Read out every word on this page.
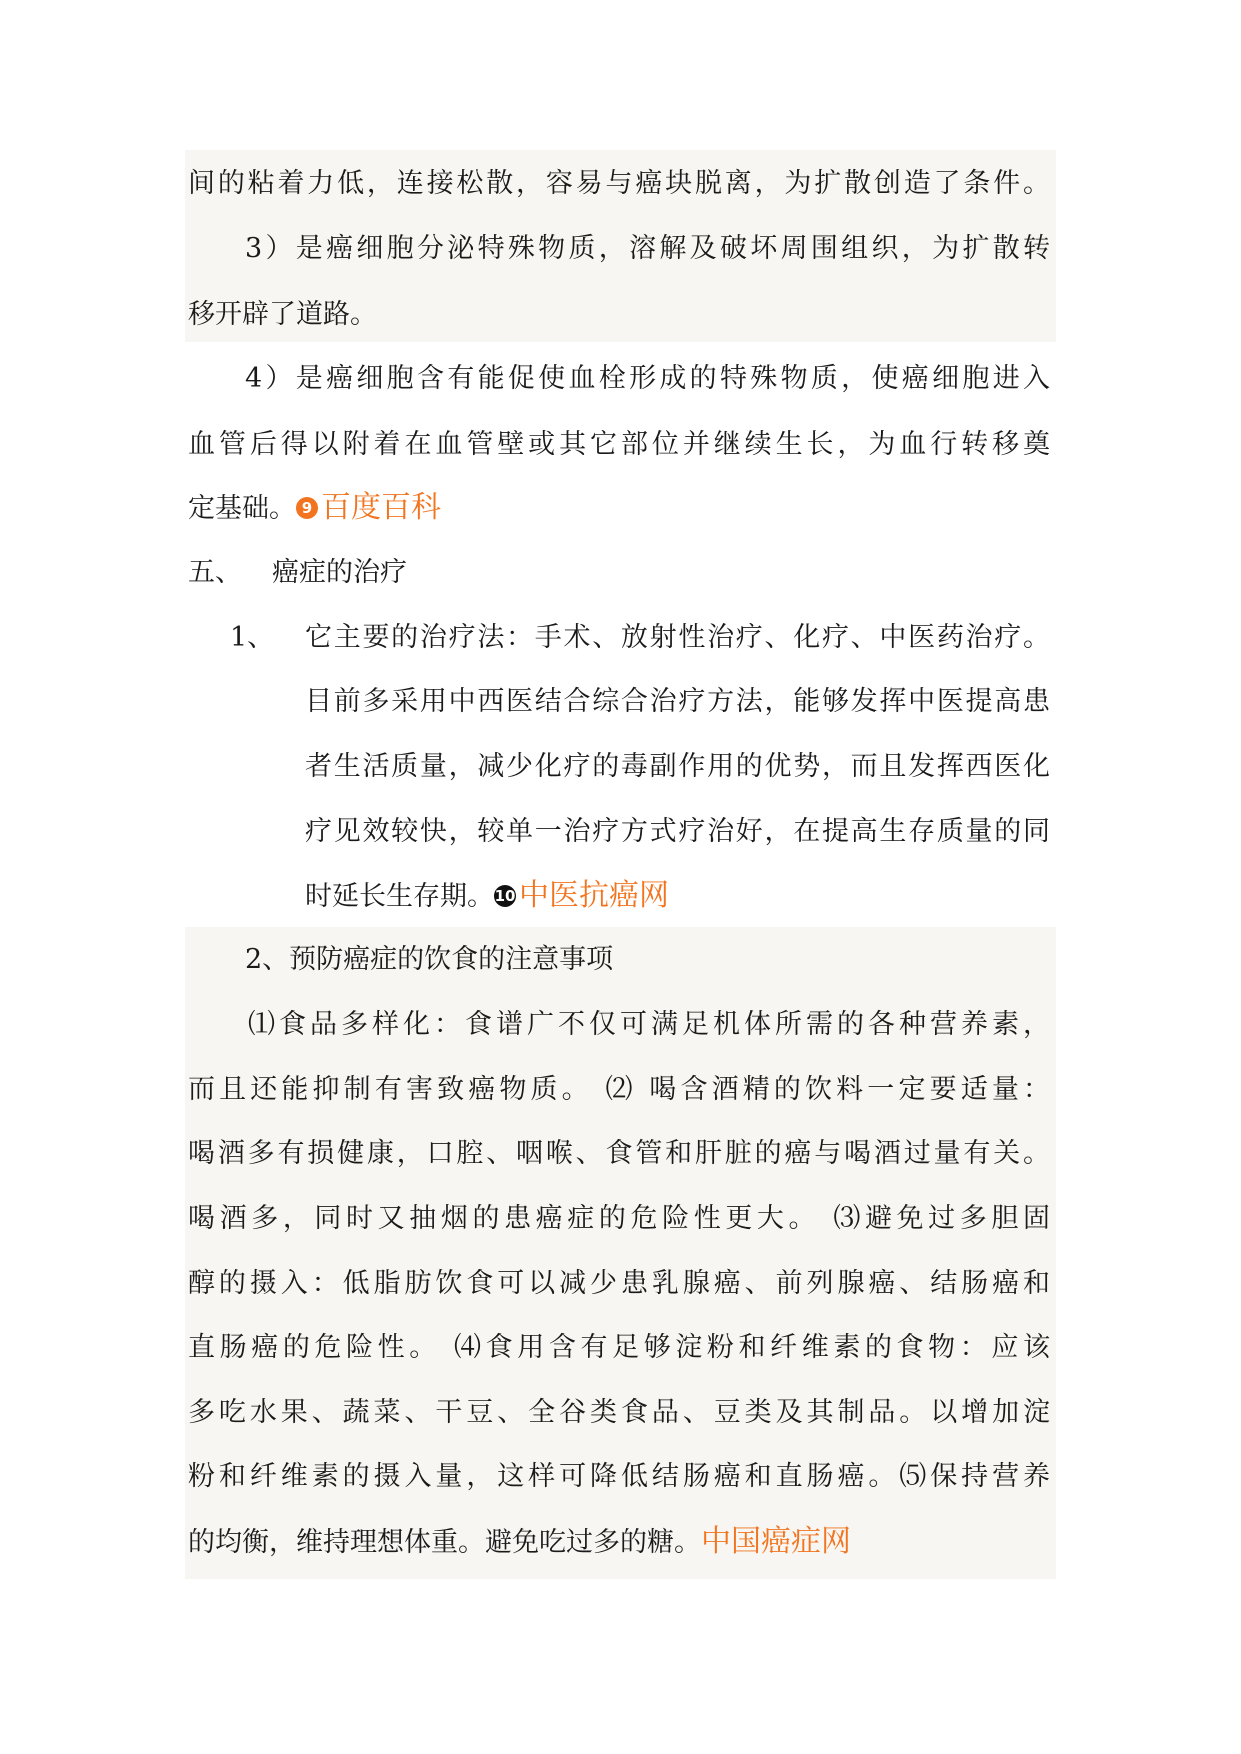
间的粘着力低，连接松散，容易与癌块脱离，为扩散创造了条件。
3）是癌细胞分泌特殊物质，溶解及破坏周围组织，为扩散转
移开辟了道路。
4）是癌细胞含有能促使血栓形成的特殊物质，使癌细胞进入
血管后得以附着在血管壁或其它部位并继续生长，为血行转移奠
定基础。 9 百度百科
五、 癌症的治疗
1、	它主要的治疗法：手术、放射性治疗、化疗、中医药治疗。
目前多采用中西医结合综合治疗方法，能够发挥中医提高患
者生活质量，减少化疗的毒副作用的优势，而且发挥西医化
疗见效较快，较单一治疗方式疗治好，在提高生存质量的同
时延长生存期。10 中医抗癌网
2、预防癌症的饮食的注意事项
⑴食品多样化：食谱广不仅可满足机体所需的各种营养素，
而且还能抑制有害致癌物质。 ⑵ 喝含酒精的饮料一定要适量：
喝酒多有损健康，口腔、咽喉、食管和肝脏的癌与喝酒过量有关。
喝酒多，同时又抽烟的患癌症的危险性更大。 ⑶避免过多胆固
醇的摄入：低脂肪饮食可以减少患乳腺癌、前列腺癌、结肠癌和
直肠癌的危险性。 ⑷食用含有足够淀粉和纤维素的食物：应该
多吃水果、蔬菜、干豆、全谷类食品、豆类及其制品。以增加淀
粉和纤维素的摄入量，这样可降低结肠癌和直肠癌。⑸保持营养
的均衡，维持理想体重。避免吃过多的糖。中国癌症网
